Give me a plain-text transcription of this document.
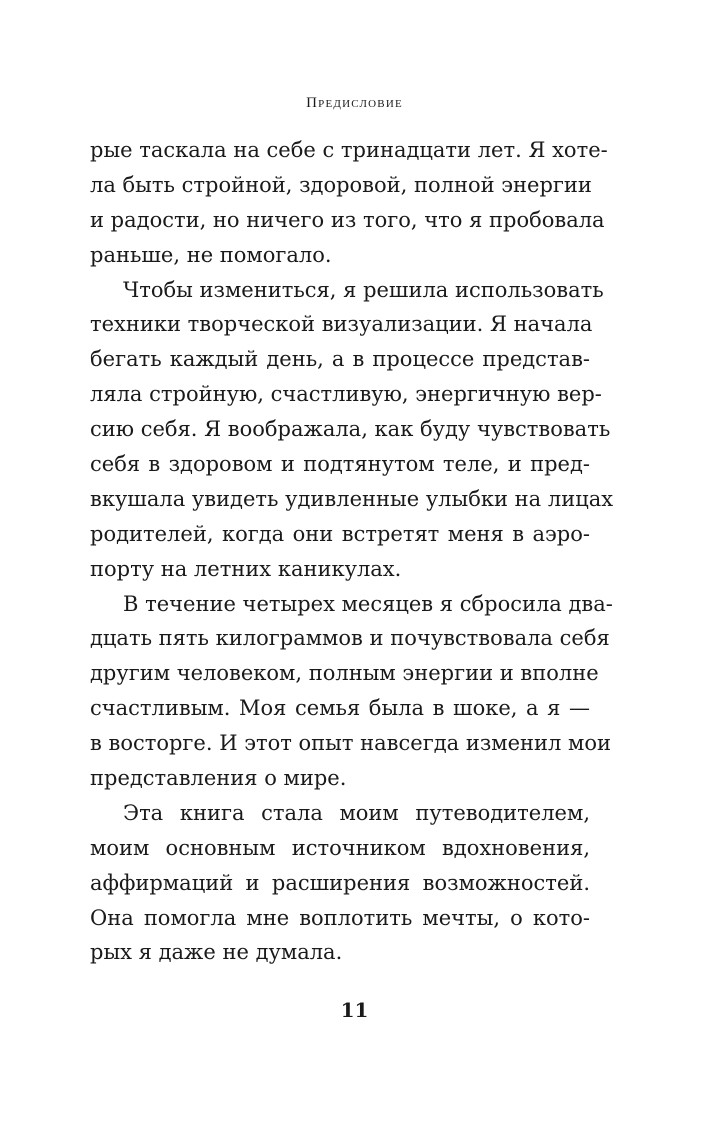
Предисловие
рые таскала на себе с тринадцати лет. Я хоте-
ла быть стройной, здоровой, полной энергии
и радости, но ничего из того, что я пробовала
раньше, не помогало.
Чтобы измениться, я решила использовать
техники творческой визуализации. Я начала
бегать каждый день, а в процессе представ-
ляла стройную, счастливую, энергичную вер-
сию себя. Я воображала, как буду чувствовать
себя в здоровом и подтянутом теле, и пред-
вкушала увидеть удивленные улыбки на лицах
родителей, когда они встретят меня в аэро-
порту на летних каникулах.
В течение четырех месяцев я сбросила два-
дцать пять килограммов и почувствовала себя
другим человеком, полным энергии и вполне
счастливым. Моя семья была в шоке, а я —
в восторге. И этот опыт навсегда изменил мои
представления о мире.
Эта книга стала моим путеводителем,
моим основным источником вдохновения,
аффирмаций и расширения возможностей.
Она помогла мне воплотить мечты, о кото-
рых я даже не думала.
11
